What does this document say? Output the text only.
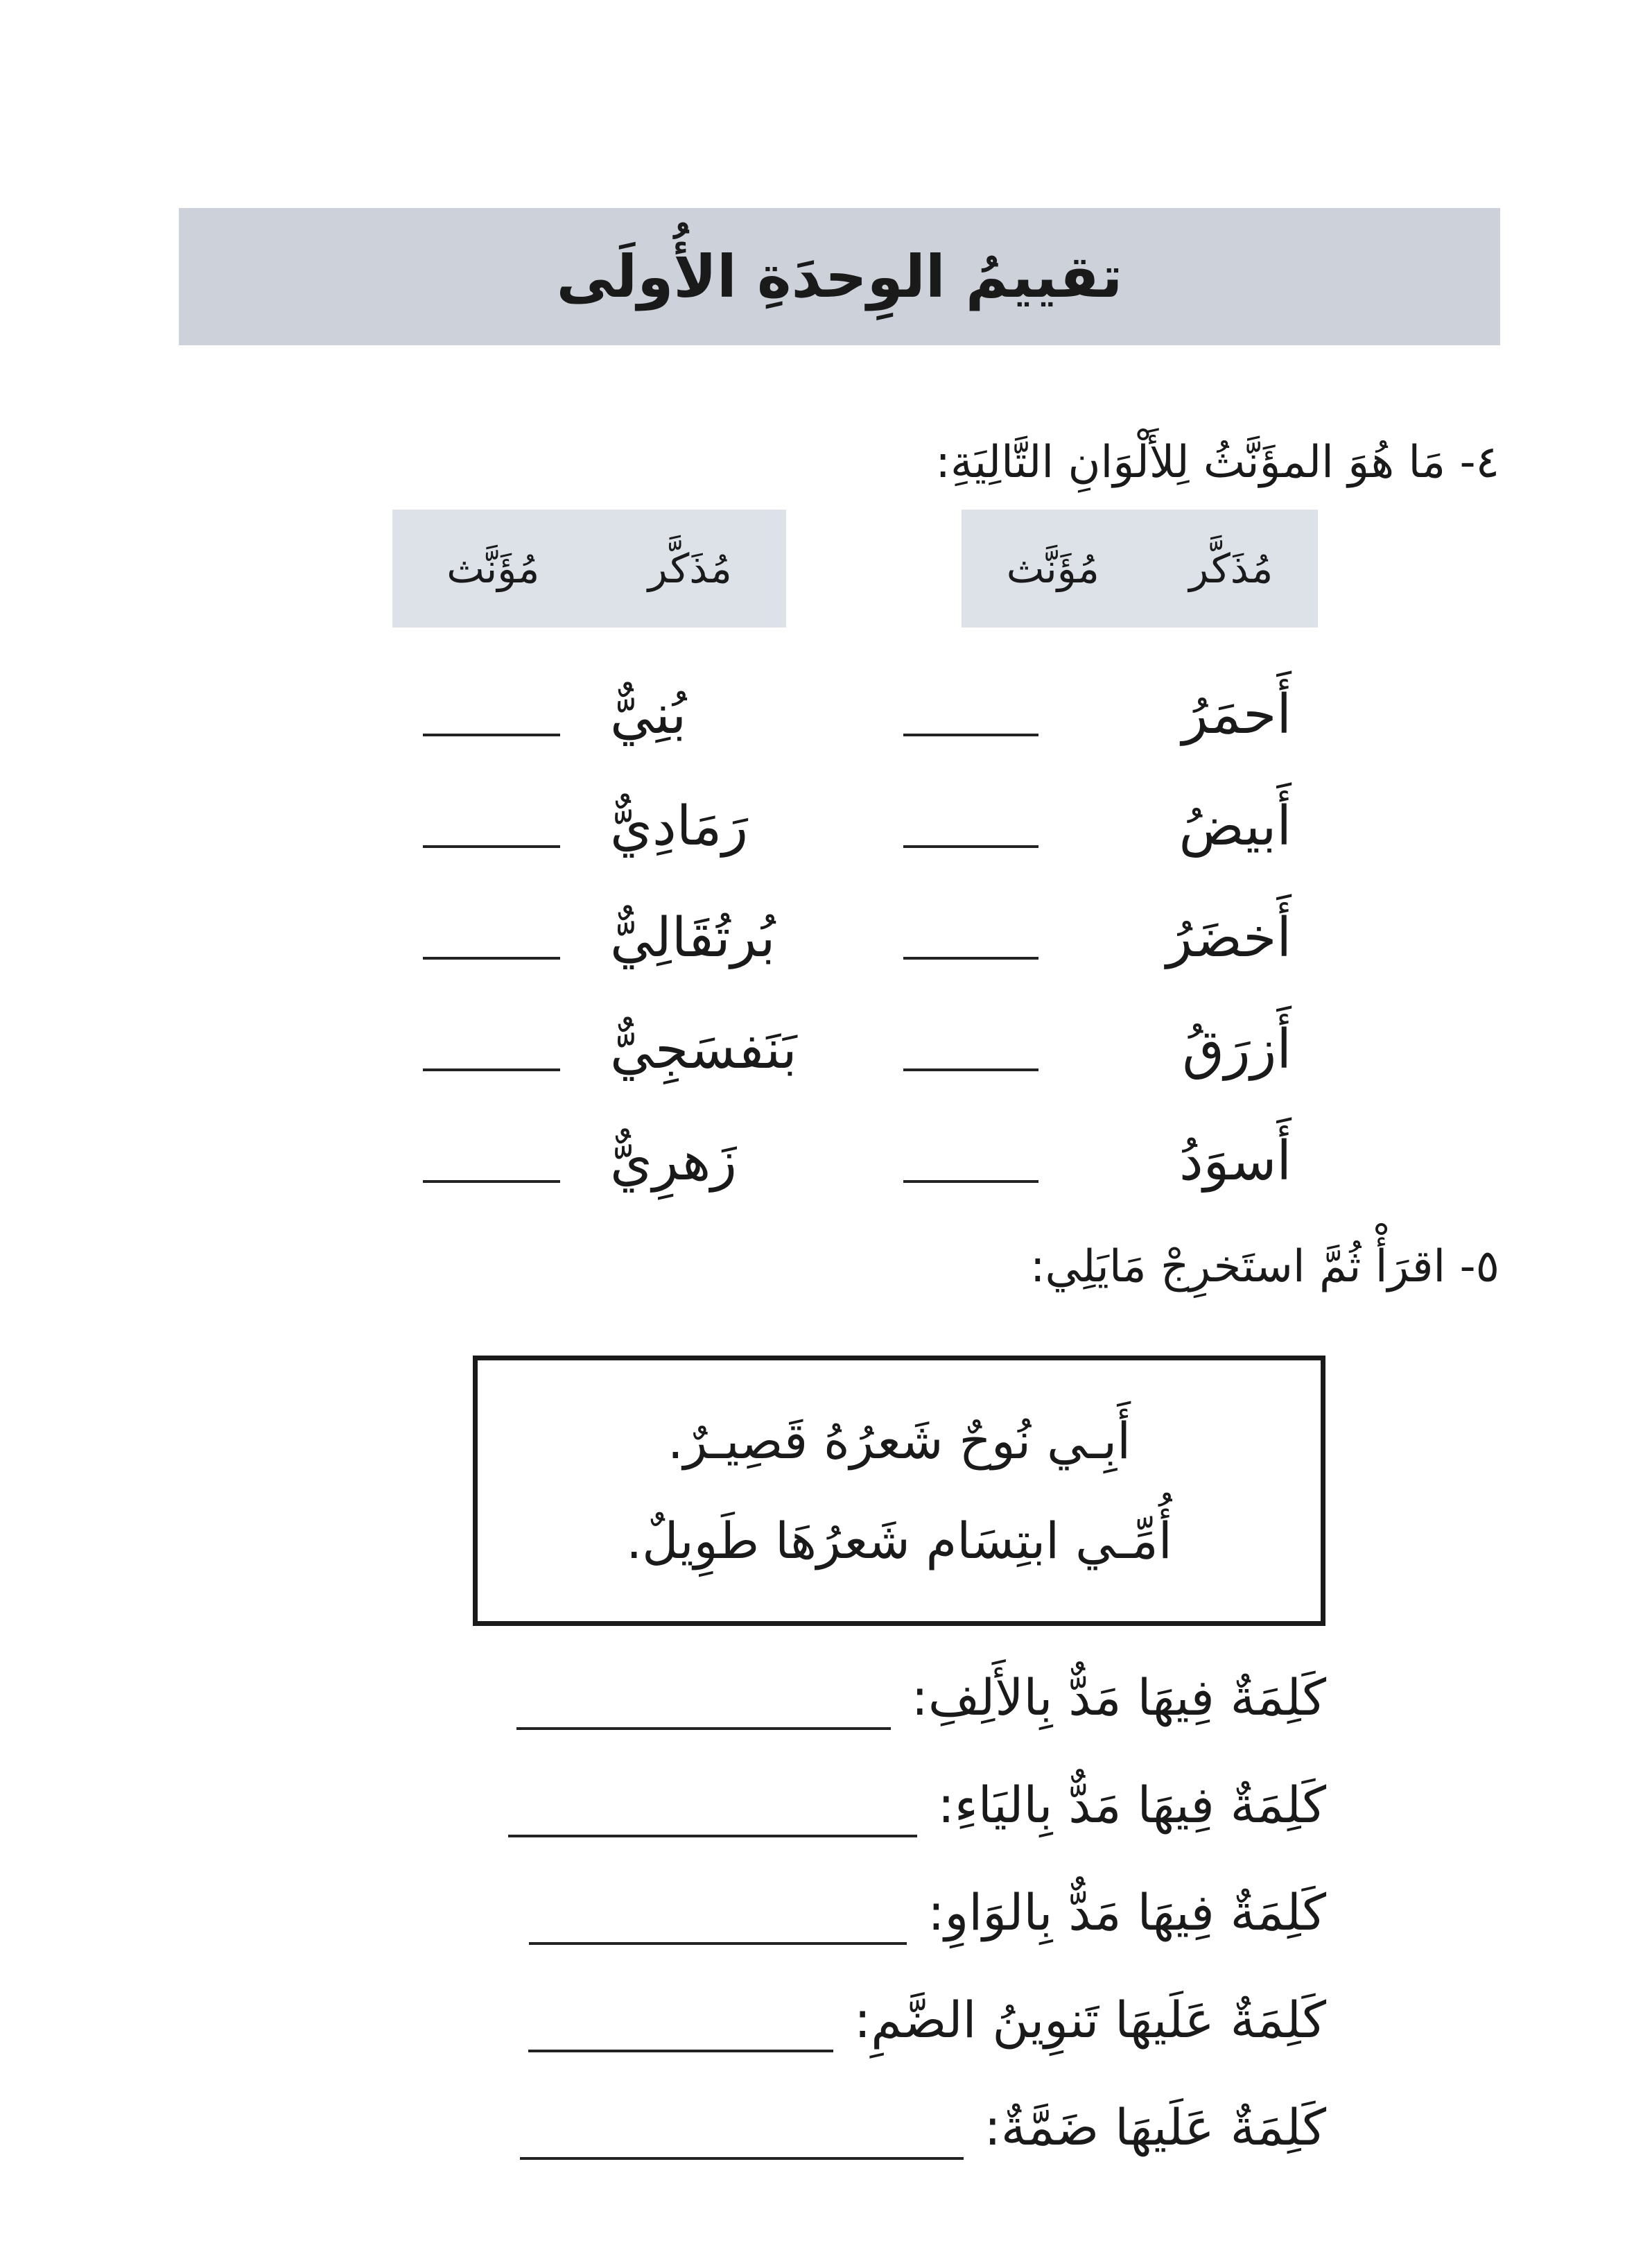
تقييمُ الوِحدَةِ الأُولَى
٤- مَا هُوَ المؤَنَّثُ لِلأَلْوَانِ التَّالِيَةِ:
مُذَكَّر
مُؤَنَّث
مُذَكَّر
مُؤَنَّث
أَحمَرُ
أَبيضُ
أَخضَرُ
أَزرَقُ
أَسوَدُ
بُنِيٌّ
رَمَادِيٌّ
بُرتُقَالِيٌّ
بَنَفسَجِيٌّ
زَهرِيٌّ
٥- اقرَأْ ثُمَّ استَخرِجْ مَايَلِي:

أَبِـي نُوحٌ شَعرُهُ قَصِيـرٌ.

أُمِّـي ابتِسَام شَعرُهَا طَوِيلٌ.

كَلِمَةٌ فِيهَا مَدٌّ بِالأَلِفِ:
كَلِمَةٌ فِيهَا مَدٌّ بِاليَاءِ:
كَلِمَةٌ فِيهَا مَدٌّ بِالوَاوِ:
كَلِمَةٌ عَلَيهَا تَنوِينُ الضَّمِ:
كَلِمَةٌ عَلَيهَا ضَمَّةٌ:
